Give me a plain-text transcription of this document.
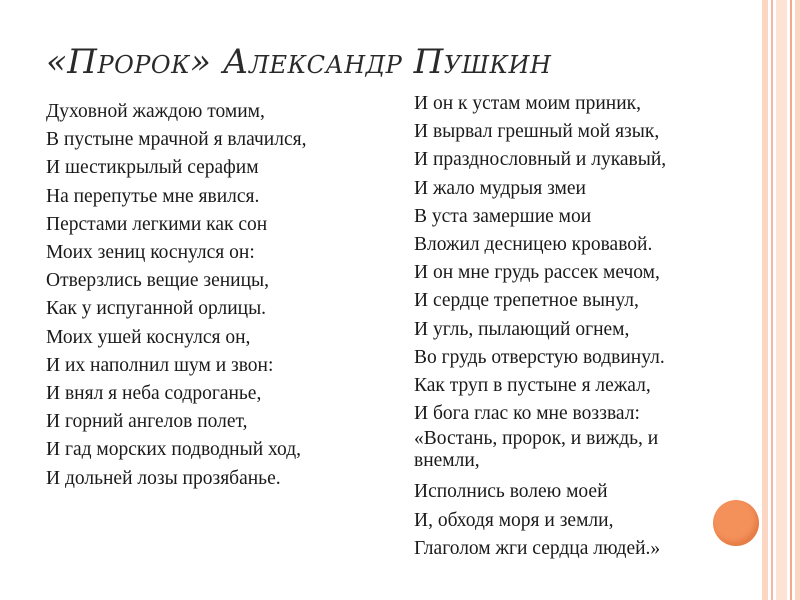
«Пророк» Александр Пушкин
Духовной жаждою томим,
В пустыне мрачной я влачился,
И шестикрылый серафим
На перепутье мне явился.
Перстами легкими как сон
Моих зениц коснулся он:
Отверзлись вещие зеницы,
Как у испуганной орлицы.
Моих ушей коснулся он,
И их наполнил шум и звон:
И внял я неба содроганье,
И горний ангелов полет,
И гад морских подводный ход,
И дольней лозы прозябанье.
И он к устам моим приник,
И вырвал грешный мой язык,
И празднословный и лукавый,
И жало мудрыя змеи
В уста замершие мои
Вложил десницею кровавой.
И он мне грудь рассек мечом,
И сердце трепетное вынул,
И угль, пылающий огнем,
Во грудь отверстую водвинул.
Как труп в пустыне я лежал,
И бога глас ко мне воззвал:
«Востань, пророк, и виждь, и внемли,
Исполнись волею моей
И, обходя моря и земли,
Глаголом жги сердца людей.»
